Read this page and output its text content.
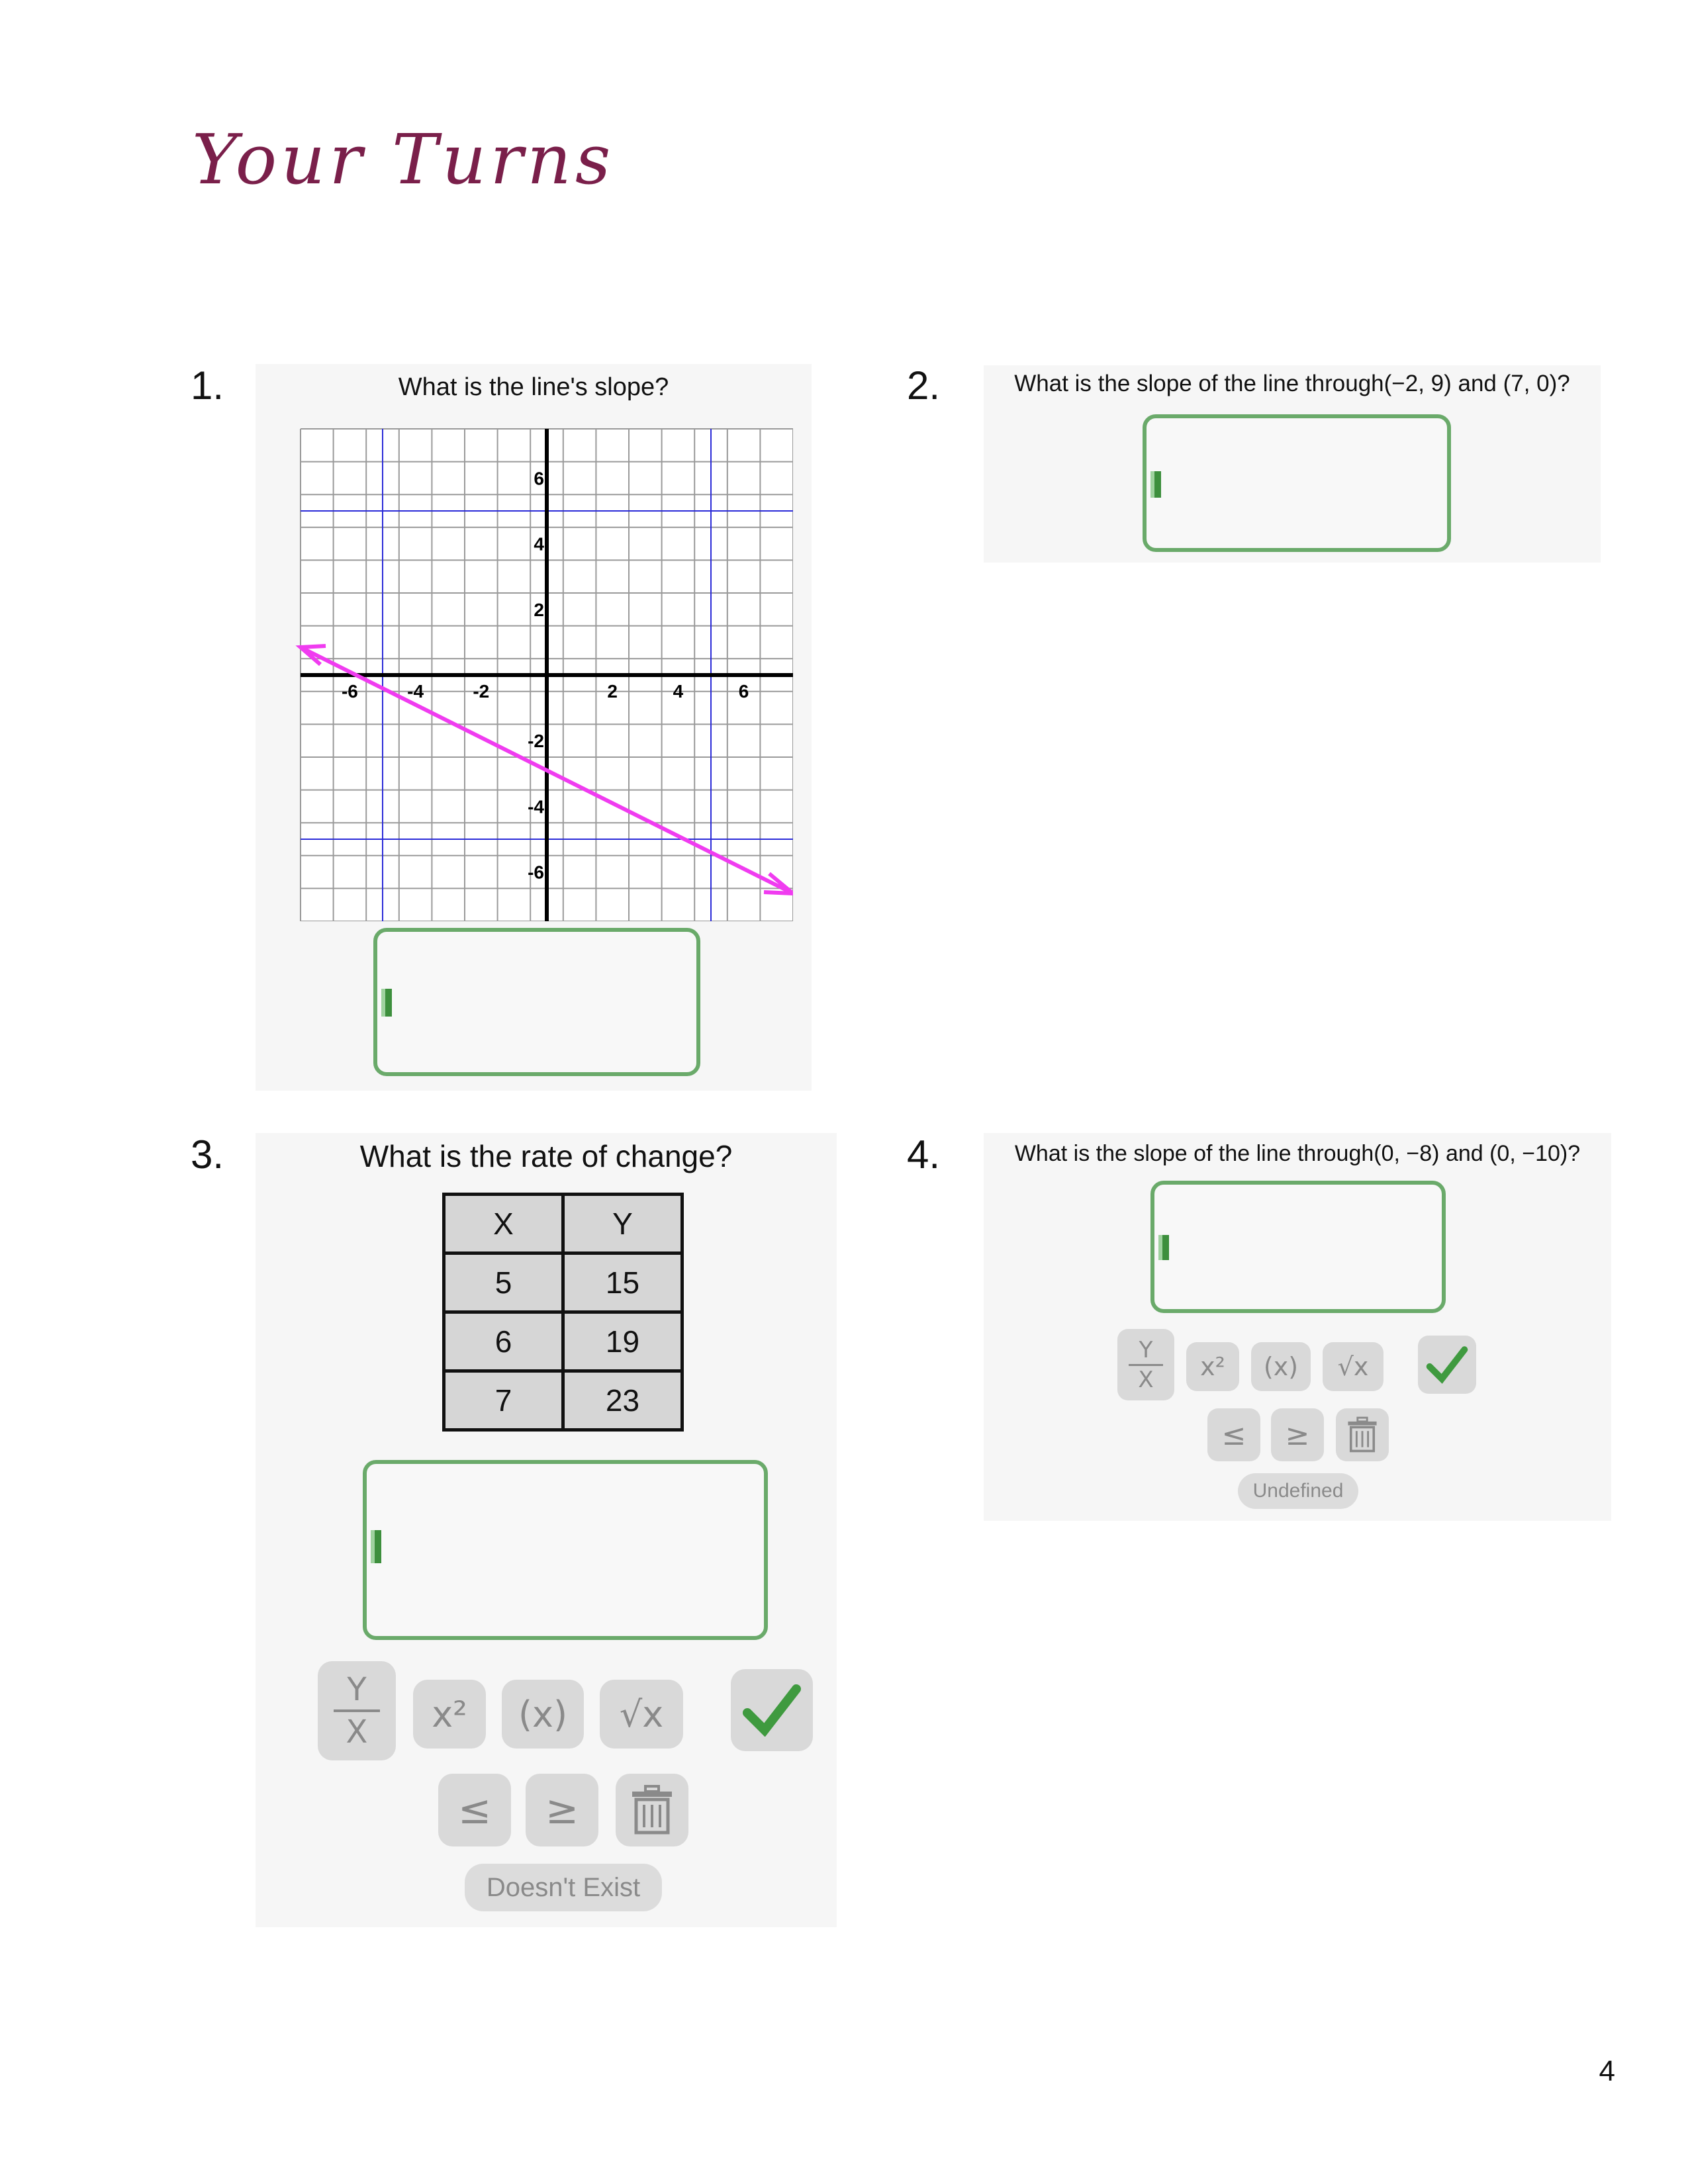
Your Turns
1.	What is the line's slope?
-6	-4	-2	2	4	6
6
4
2
-2
-4
-6
2.	What is the slope of the line through(−2, 9) and (7, 0)?
3.	What is the rate of change?
X	Y
5	15
6	19
7	23
Y
X	x²	(x)	√x
≤	≥
Doesn't Exist
4.	What is the slope of the line through(0, −8) and (0, −10)?
Y
X	x²	(x)	√x
≤	≥
Undefined
4
